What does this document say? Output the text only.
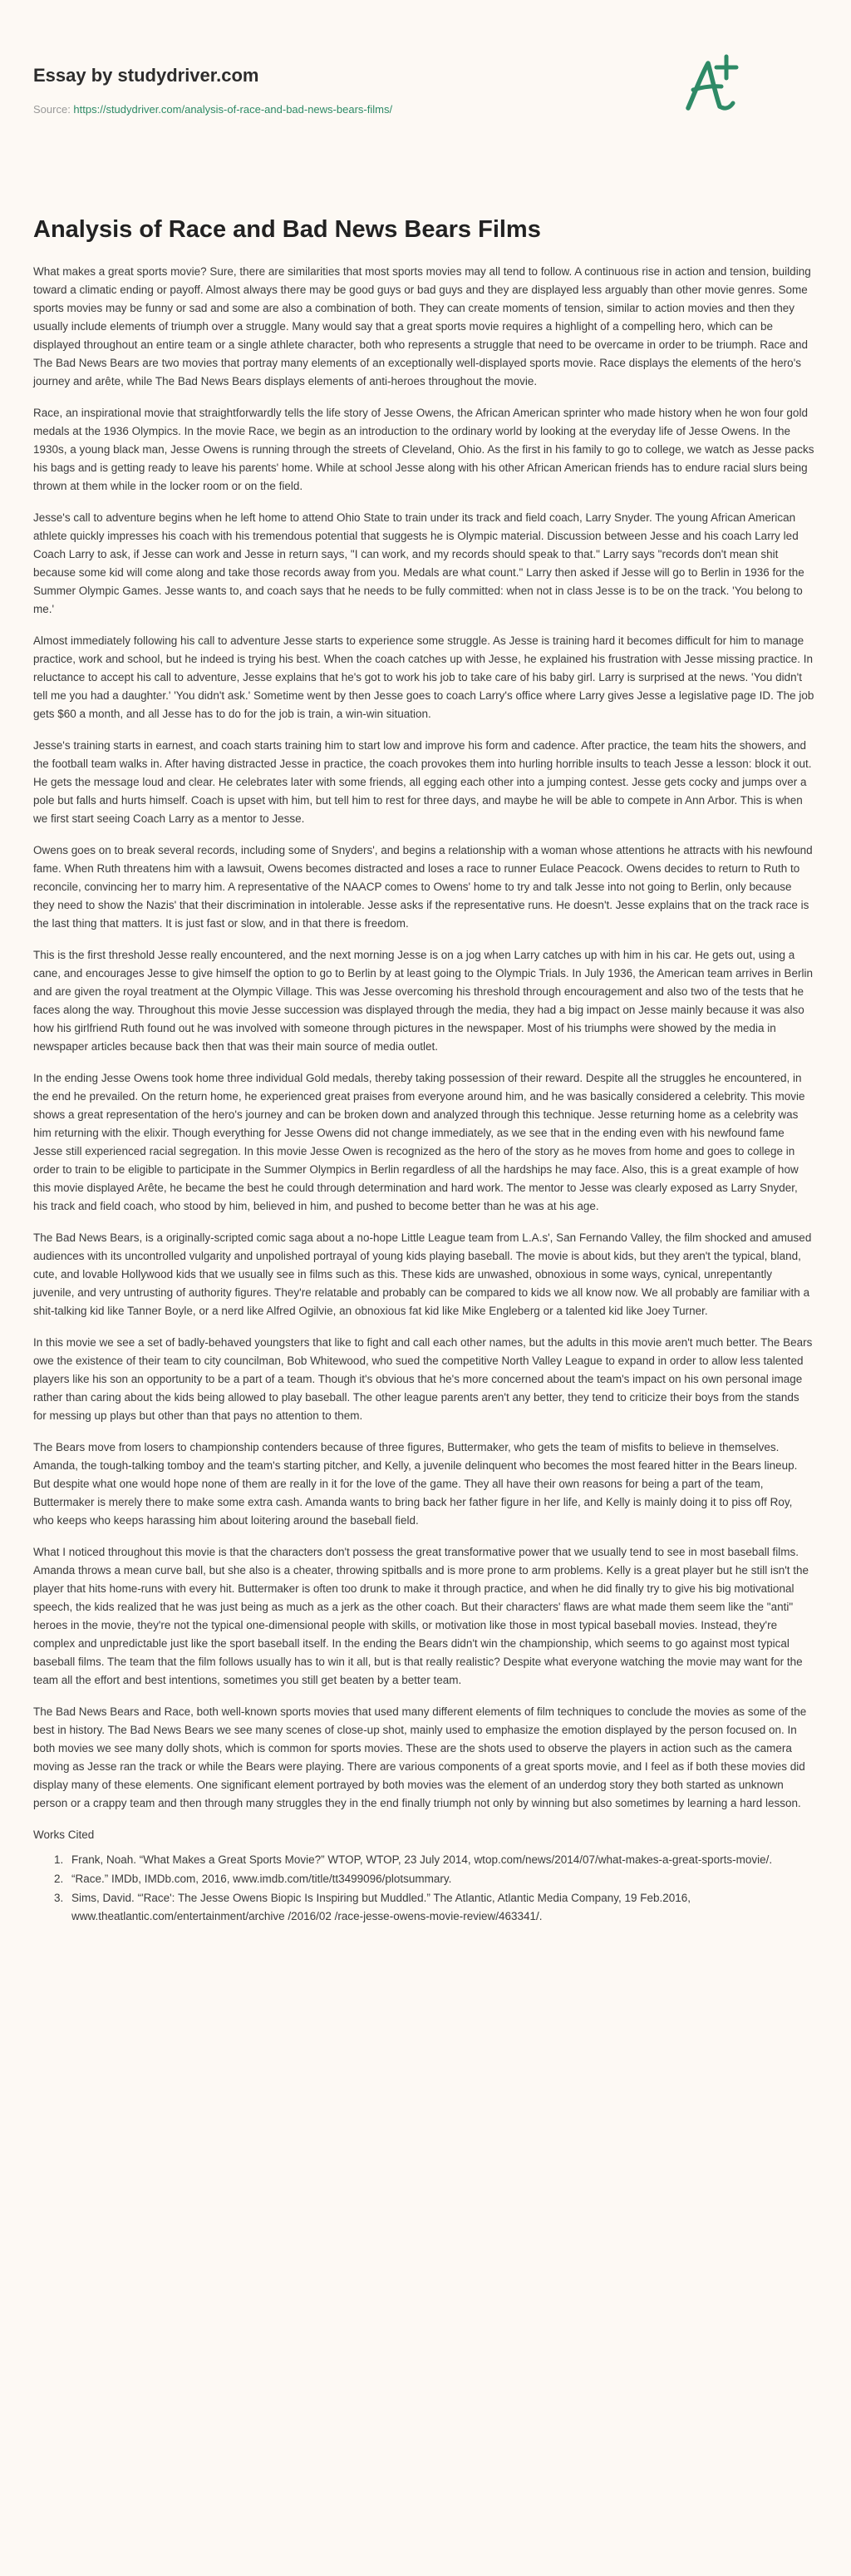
Essay by studydriver.com
Source: https://studydriver.com/analysis-of-race-and-bad-news-bears-films/
Analysis of Race and Bad News Bears Films

What makes a great sports movie? Sure, there are similarities that most sports movies may all tend to follow. A continuous rise in action and tension, building toward a climatic ending or payoff. Almost always there may be good guys or bad guys and they are displayed less arguably than other movie genres. Some sports movies may be funny or sad and some are also a combination of both. They can create moments of tension, similar to action movies and then they usually include elements of triumph over a struggle. Many would say that a great sports movie requires a highlight of a compelling hero, which can be displayed throughout an entire team or a single athlete character, both who represents a struggle that need to be overcame in order to be triumph. Race and The Bad News Bears are two movies that portray many elements of an exceptionally well-displayed sports movie. Race displays the elements of the hero's journey and arête, while The Bad News Bears displays elements of anti-heroes throughout the movie.

Race, an inspirational movie that straightforwardly tells the life story of Jesse Owens, the African American sprinter who made history when he won four gold medals at the 1936 Olympics. In the movie Race, we begin as an introduction to the ordinary world by looking at the everyday life of Jesse Owens. In the 1930s, a young black man, Jesse Owens is running through the streets of Cleveland, Ohio. As the first in his family to go to college, we watch as Jesse packs his bags and is getting ready to leave his parents' home. While at school Jesse along with his other African American friends has to endure racial slurs being thrown at them while in the locker room or on the field.

Jesse's call to adventure begins when he left home to attend Ohio State to train under its track and field coach, Larry Snyder. The young African American athlete quickly impresses his coach with his tremendous potential that suggests he is Olympic material. Discussion between Jesse and his coach Larry led Coach Larry to ask, if Jesse can work and Jesse in return says, "I can work, and my records should speak to that." Larry says "records don't mean shit because some kid will come along and take those records away from you. Medals are what count." Larry then asked if Jesse will go to Berlin in 1936 for the Summer Olympic Games. Jesse wants to, and coach says that he needs to be fully committed: when not in class Jesse is to be on the track. 'You belong to me.'

Almost immediately following his call to adventure Jesse starts to experience some struggle. As Jesse is training hard it becomes difficult for him to manage practice, work and school, but he indeed is trying his best. When the coach catches up with Jesse, he explained his frustration with Jesse missing practice. In reluctance to accept his call to adventure, Jesse explains that he's got to work his job to take care of his baby girl. Larry is surprised at the news. 'You didn't tell me you had a daughter.' 'You didn't ask.' Sometime went by then Jesse goes to coach Larry's office where Larry gives Jesse a legislative page ID. The job gets $60 a month, and all Jesse has to do for the job is train, a win-win situation.

Jesse's training starts in earnest, and coach starts training him to start low and improve his form and cadence. After practice, the team hits the showers, and the football team walks in. After having distracted Jesse in practice, the coach provokes them into hurling horrible insults to teach Jesse a lesson: block it out. He gets the message loud and clear. He celebrates later with some friends, all egging each other into a jumping contest. Jesse gets cocky and jumps over a pole but falls and hurts himself. Coach is upset with him, but tell him to rest for three days, and maybe he will be able to compete in Ann Arbor. This is when we first start seeing Coach Larry as a mentor to Jesse.

Owens goes on to break several records, including some of Snyders', and begins a relationship with a woman whose attentions he attracts with his newfound fame. When Ruth threatens him with a lawsuit, Owens becomes distracted and loses a race to runner Eulace Peacock. Owens decides to return to Ruth to reconcile, convincing her to marry him. A representative of the NAACP comes to Owens' home to try and talk Jesse into not going to Berlin, only because they need to show the Nazis' that their discrimination in intolerable. Jesse asks if the representative runs. He doesn't. Jesse explains that on the track race is the last thing that matters. It is just fast or slow, and in that there is freedom.

This is the first threshold Jesse really encountered, and the next morning Jesse is on a jog when Larry catches up with him in his car. He gets out, using a cane, and encourages Jesse to give himself the option to go to Berlin by at least going to the Olympic Trials. In July 1936, the American team arrives in Berlin and are given the royal treatment at the Olympic Village. This was Jesse overcoming his threshold through encouragement and also two of the tests that he faces along the way. Throughout this movie Jesse succession was displayed through the media, they had a big impact on Jesse mainly because it was also how his girlfriend Ruth found out he was involved with someone through pictures in the newspaper. Most of his triumphs were showed by the media in newspaper articles because back then that was their main source of media outlet.

In the ending Jesse Owens took home three individual Gold medals, thereby taking possession of their reward. Despite all the struggles he encountered, in the end he prevailed. On the return home, he experienced great praises from everyone around him, and he was basically considered a celebrity. This movie shows a great representation of the hero's journey and can be broken down and analyzed through this technique. Jesse returning home as a celebrity was him returning with the elixir. Though everything for Jesse Owens did not change immediately, as we see that in the ending even with his newfound fame Jesse still experienced racial segregation. In this movie Jesse Owen is recognized as the hero of the story as he moves from home and goes to college in order to train to be eligible to participate in the Summer Olympics in Berlin regardless of all the hardships he may face. Also, this is a great example of how this movie displayed Arête, he became the best he could through determination and hard work. The mentor to Jesse was clearly exposed as Larry Snyder, his track and field coach, who stood by him, believed in him, and pushed to become better than he was at his age.

The Bad News Bears, is a originally-scripted comic saga about a no-hope Little League team from L.A.s', San Fernando Valley, the film shocked and amused audiences with its uncontrolled vulgarity and unpolished portrayal of young kids playing baseball. The movie is about kids, but they aren't the typical, bland, cute, and lovable Hollywood kids that we usually see in films such as this. These kids are unwashed, obnoxious in some ways, cynical, unrepentantly juvenile, and very untrusting of authority figures. They're relatable and probably can be compared to kids we all know now. We all probably are familiar with a shit-talking kid like Tanner Boyle, or a nerd like Alfred Ogilvie, an obnoxious fat kid like Mike Engleberg or a talented kid like Joey Turner.

In this movie we see a set of badly-behaved youngsters that like to fight and call each other names, but the adults in this movie aren't much better. The Bears owe the existence of their team to city councilman, Bob Whitewood, who sued the competitive North Valley League to expand in order to allow less talented players like his son an opportunity to be a part of a team. Though it's obvious that he's more concerned about the team's impact on his own personal image rather than caring about the kids being allowed to play baseball. The other league parents aren't any better, they tend to criticize their boys from the stands for messing up plays but other than that pays no attention to them.

The Bears move from losers to championship contenders because of three figures, Buttermaker, who gets the team of misfits to believe in themselves. Amanda, the tough-talking tomboy and the team's starting pitcher, and Kelly, a juvenile delinquent who becomes the most feared hitter in the Bears lineup. But despite what one would hope none of them are really in it for the love of the game. They all have their own reasons for being a part of the team, Buttermaker is merely there to make some extra cash. Amanda wants to bring back her father figure in her life, and Kelly is mainly doing it to piss off Roy, who keeps who keeps harassing him about loitering around the baseball field.

What I noticed throughout this movie is that the characters don't possess the great transformative power that we usually tend to see in most baseball films. Amanda throws a mean curve ball, but she also is a cheater, throwing spitballs and is more prone to arm problems. Kelly is a great player but he still isn't the player that hits home-runs with every hit. Buttermaker is often too drunk to make it through practice, and when he did finally try to give his big motivational speech, the kids realized that he was just being as much as a jerk as the other coach. But their characters' flaws are what made them seem like the "anti" heroes in the movie, they're not the typical one-dimensional people with skills, or motivation like those in most typical baseball movies. Instead, they're complex and unpredictable just like the sport baseball itself. In the ending the Bears didn't win the championship, which seems to go against most typical baseball films. The team that the film follows usually has to win it all, but is that really realistic? Despite what everyone watching the movie may want for the team all the effort and best intentions, sometimes you still get beaten by a better team.

The Bad News Bears and Race, both well-known sports movies that used many different elements of film techniques to conclude the movies as some of the best in history. The Bad News Bears we see many scenes of close-up shot, mainly used to emphasize the emotion displayed by the person focused on. In both movies we see many dolly shots, which is common for sports movies. These are the shots used to observe the players in action such as the camera moving as Jesse ran the track or while the Bears were playing. There are various components of a great sports movie, and I feel as if both these movies did display many of these elements. One significant element portrayed by both movies was the element of an underdog story they both started as unknown person or a crappy team and then through many struggles they in the end finally triumph not only by winning but also sometimes by learning a hard lesson.

Works Cited
1. Frank, Noah. “What Makes a Great Sports Movie?” WTOP, WTOP, 23 July 2014, wtop.com/news/2014/07/what-makes-a-great-sports-movie/.
2. “Race.” IMDb, IMDb.com, 2016, www.imdb.com/title/tt3499096/plotsummary.
3. Sims, David. “'Race': The Jesse Owens Biopic Is Inspiring but Muddled.” The Atlantic, Atlantic Media Company, 19 Feb.2016, www.theatlantic.com/entertainment/archive /2016/02 /race-jesse-owens-movie-review/463341/.
